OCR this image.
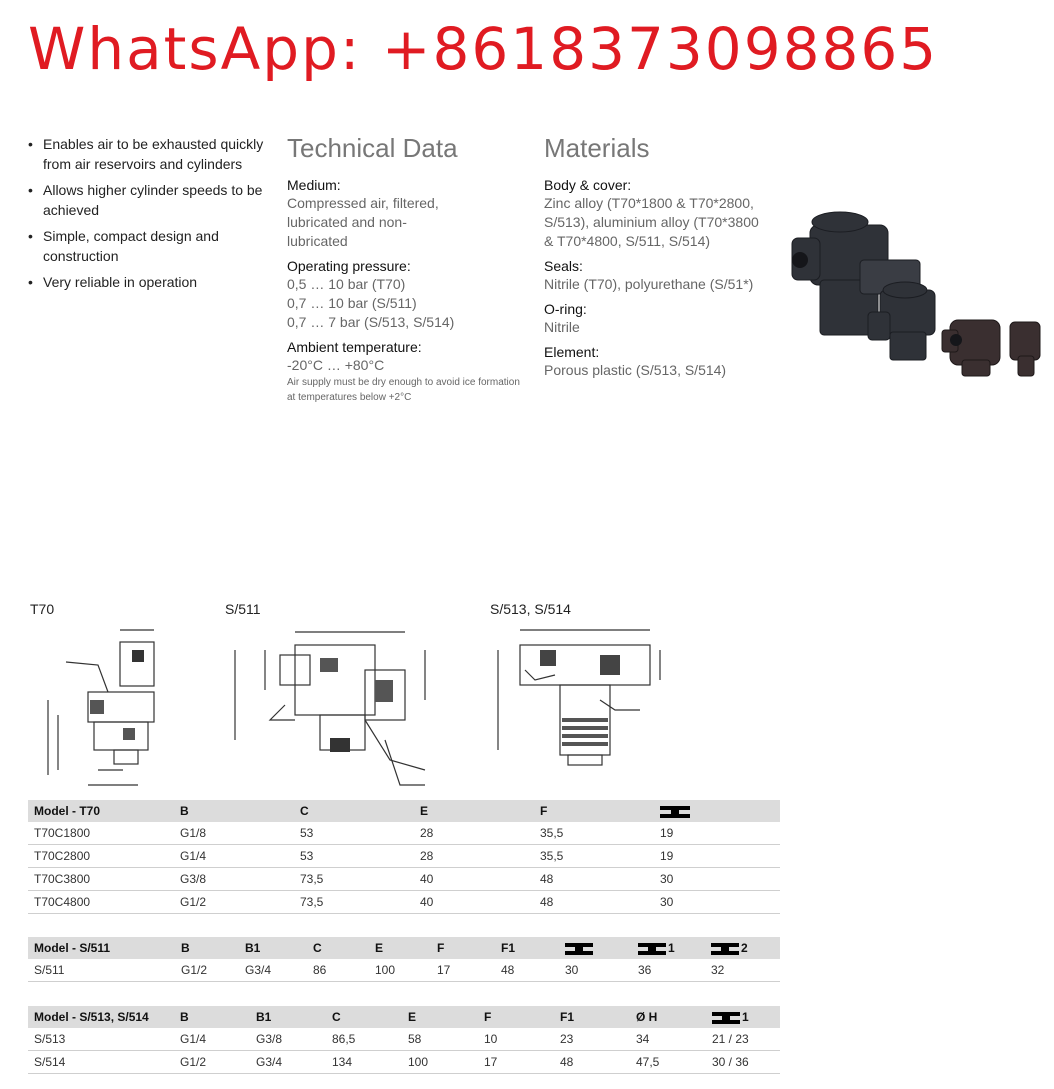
WhatsApp: +8618373098865
• Enables air to be exhausted quickly from air reservoirs and cylinders
• Allows higher cylinder speeds to be achieved
• Simple, compact design and construction
• Very reliable in operation
Technical Data
Medium:
Compressed air, filtered, lubricated and non-lubricated
Operating pressure:
0,5 … 10 bar (T70)
0,7 … 10 bar (S/511)
0,7 … 7 bar (S/513, S/514)
Ambient temperature:
-20°C … +80°C
Air supply must be dry enough to avoid ice formation at temperatures below +2°C
Materials
Body & cover:
Zinc alloy (T70*1800 & T70*2800, S/513), aluminium alloy (T70*3800 & T70*4800, S/511, S/514)
Seals:
Nitrile (T70), polyurethane (S/51*)
O-ring:
Nitrile
Element:
Porous plastic (S/513, S/514)
T70	S/511	S/513, S/514
Model - T70	B	C	E	F	
T70C1800	G1/8	53	28	35,5	19
T70C2800	G1/4	53	28	35,5	19
T70C3800	G3/8	73,5	40	48	30
T70C4800	G1/2	73,5	40	48	30
Model - S/511	B	B1	C	E	F	F1		1	2
S/511	G1/2	G3/4	86	100	17	48	30	36	32
Model - S/513, S/514	B	B1	C	E	F	F1	Ø H	1
S/513	G1/4	G3/8	86,5	58	10	23	34	21 / 23
S/514	G1/2	G3/4	134	100	17	48	47,5	30 / 36
